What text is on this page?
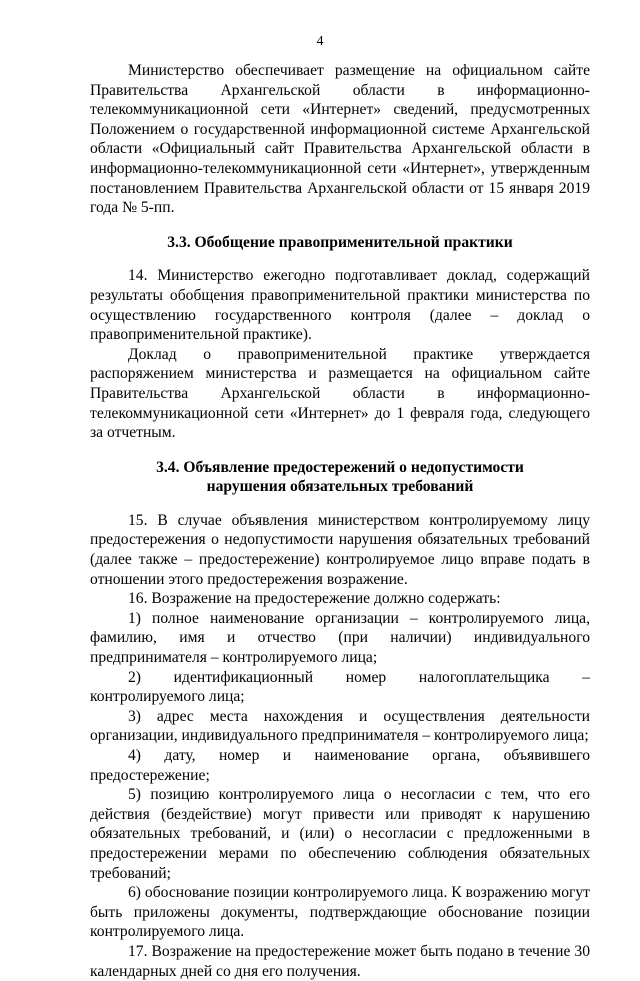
4

Министерство обеспечивает размещение на официальном сайте Правительства Архангельской области в информационно-телекоммуникационной сети «Интернет» сведений, предусмотренных Положением о государственной информационной системе Архангельской области «Официальный сайт Правительства Архангельской области в информационно-телекоммуникационной сети «Интернет», утвержденным постановлением Правительства Архангельской области от 15 января 2019 года № 5-пп.

3.3. Обобщение правоприменительной практики

14. Министерство ежегодно подготавливает доклад, содержащий результаты обобщения правоприменительной практики министерства по осуществлению государственного контроля (далее – доклад о правоприменительной практике).

Доклад о правоприменительной практике утверждается распоряжением министерства и размещается на официальном сайте Правительства Архангельской области в информационно-телекоммуникационной сети «Интернет» до 1 февраля года, следующего за отчетным.

3.4. Объявление предостережений о недопустимости
нарушения обязательных требований

15. В случае объявления министерством контролируемому лицу предостережения о недопустимости нарушения обязательных требований (далее также – предостережение) контролируемое лицо вправе подать в отношении этого предостережения возражение.

16. Возражение на предостережение должно содержать:

1) полное наименование организации – контролируемого лица, фамилию, имя и отчество (при наличии) индивидуального предпринимателя – контролируемого лица;

2) идентификационный номер налогоплательщика – контролируемого лица;

3) адрес места нахождения и осуществления деятельности организации, индивидуального предпринимателя – контролируемого лица;

4) дату, номер и наименование органа, объявившего предостережение;

5) позицию контролируемого лица о несогласии с тем, что его действия (бездействие) могут привести или приводят к нарушению обязательных требований, и (или) о несогласии с предложенными в предостережении мерами по обеспечению соблюдения обязательных требований;

6) обоснование позиции контролируемого лица. К возражению могут быть приложены документы, подтверждающие обоснование позиции контролируемого лица.

17. Возражение на предостережение может быть подано в течение 30 календарных дней со дня его получения.
